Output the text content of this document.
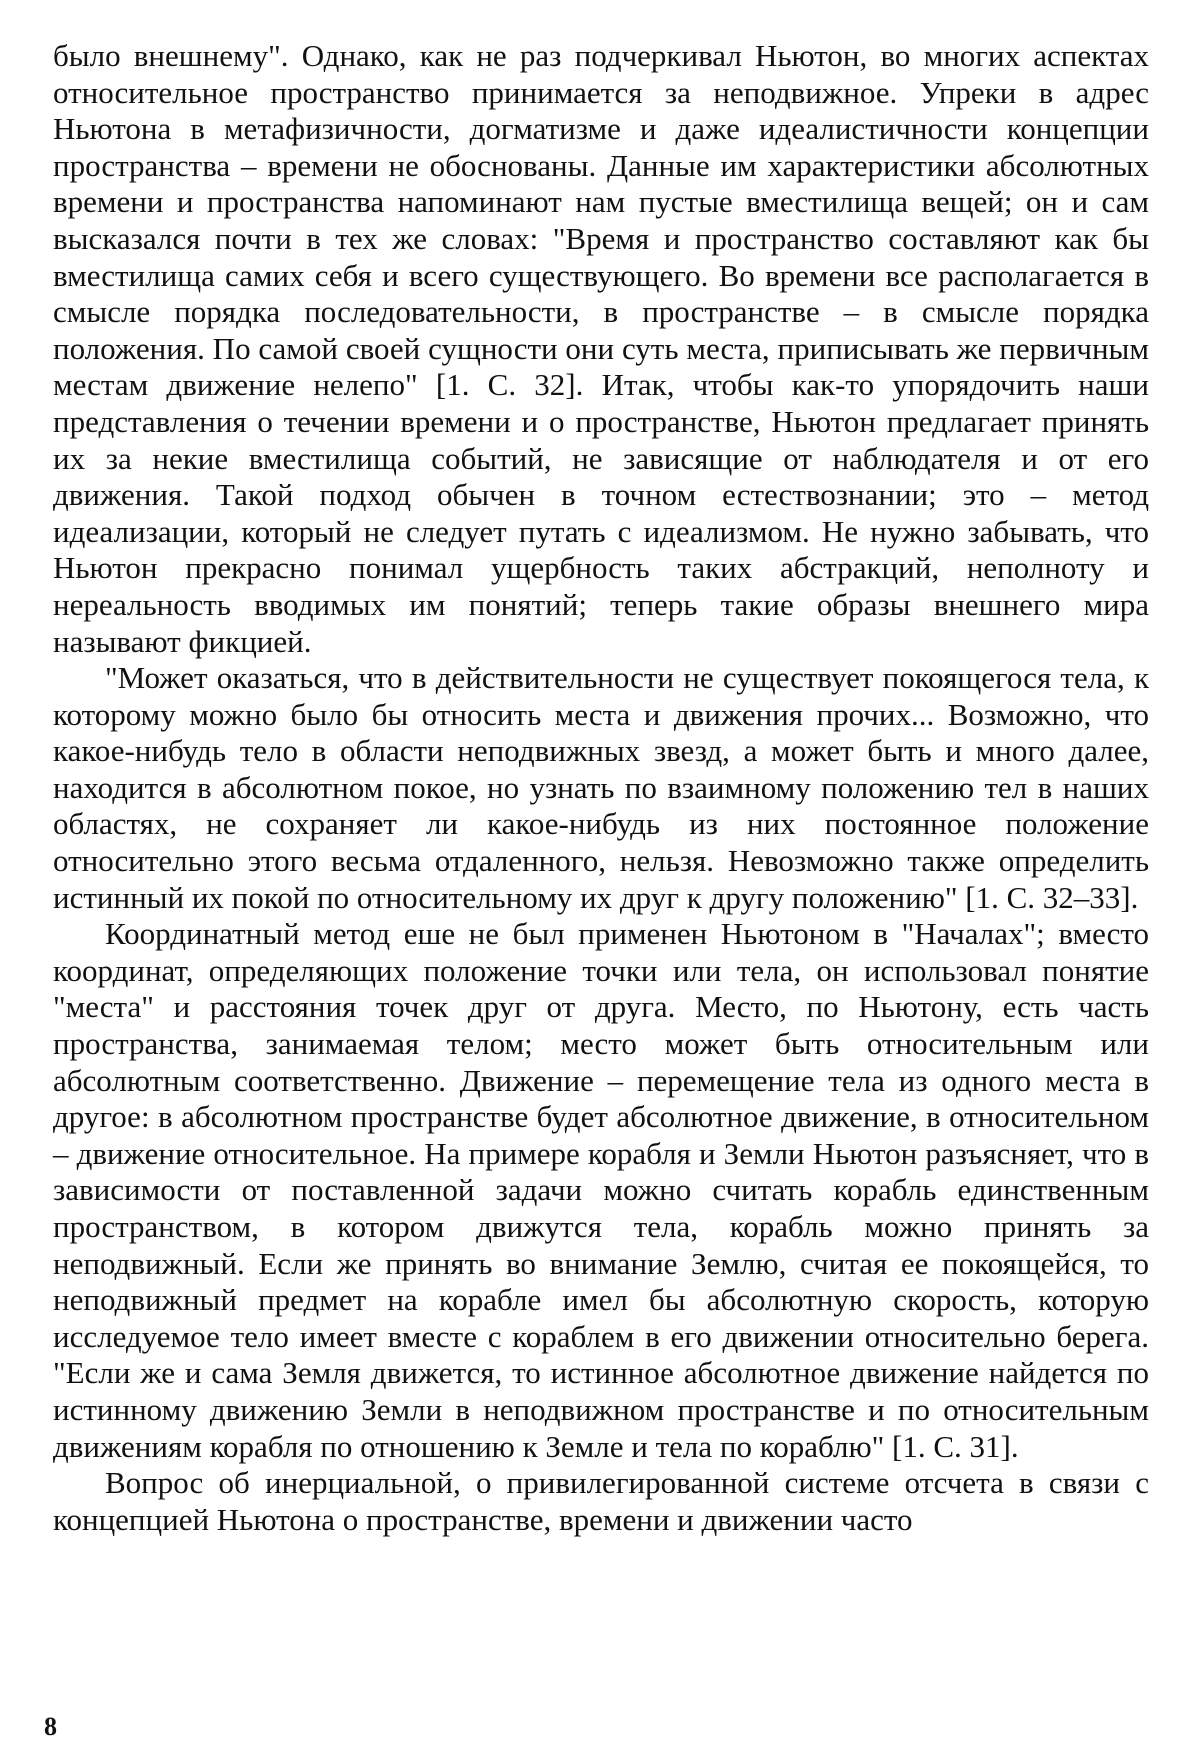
было внешнему". Однако, как не раз подчеркивал Ньютон, во многих аспектах относительное пространство принимается за неподвижное. Упреки в адрес Ньютона в метафизичности, догматизме и даже идеалистичности концепции пространства – времени не обоснованы. Данные им характеристики абсолютных времени и пространства напоминают нам пустые вместилища вещей; он и сам высказался почти в тех же словах: "Время и пространство составляют как бы вместилища самих себя и всего существующего. Во времени все располагается в смысле порядка последовательности, в пространстве – в смысле порядка положения. По самой своей сущности они суть места, приписывать же первичным местам движение нелепо" [1. С. 32]. Итак, чтобы как-то упорядочить наши представления о течении времени и о пространстве, Ньютон предлагает принять их за некие вместилища событий, не зависящие от наблюдателя и от его движения. Такой подход обычен в точном естествознании; это – метод идеализации, который не следует путать с идеализмом. Не нужно забывать, что Ньютон прекрасно понимал ущербность таких абстракций, неполноту и нереальность вводимых им понятий; теперь такие образы внешнего мира называют фикцией.

"Может оказаться, что в действительности не существует покоящегося тела, к которому можно было бы относить места и движения прочих... Возможно, что какое-нибудь тело в области неподвижных звезд, а может быть и много далее, находится в абсолютном покое, но узнать по взаимному положению тел в наших областях, не сохраняет ли какое-нибудь из них постоянное положение относительно этого весьма отдаленного, нельзя. Невозможно также определить истинный их покой по относительному их друг к другу положению" [1. С. 32–33].

Координатный метод еше не был применен Ньютоном в "Началах"; вместо координат, определяющих положение точки или тела, он использовал понятие "места" и расстояния точек друг от друга. Место, по Ньютону, есть часть пространства, занимаемая телом; место может быть относительным или абсолютным соответственно. Движение – перемещение тела из одного места в другое: в абсолютном пространстве будет абсолютное движение, в относительном – движение относительное. На примере корабля и Земли Ньютон разъясняет, что в зависимости от поставленной задачи можно считать корабль единственным пространством, в котором движутся тела, корабль можно принять за неподвижный. Если же принять во внимание Землю, считая ее покоящейся, то неподвижный предмет на корабле имел бы абсолютную скорость, которую исследуемое тело имеет вместе с кораблем в его движении относительно берега. "Если же и сама Земля движется, то истинное абсолютное движение найдется по истинному движению Земли в неподвижном пространстве и по относительным движениям корабля по отношению к Земле и тела по кораблю" [1. С. 31].

Вопрос об инерциальной, о привилегированной системе отсчета в связи с концепцией Ньютона о пространстве, времени и движении часто

8
